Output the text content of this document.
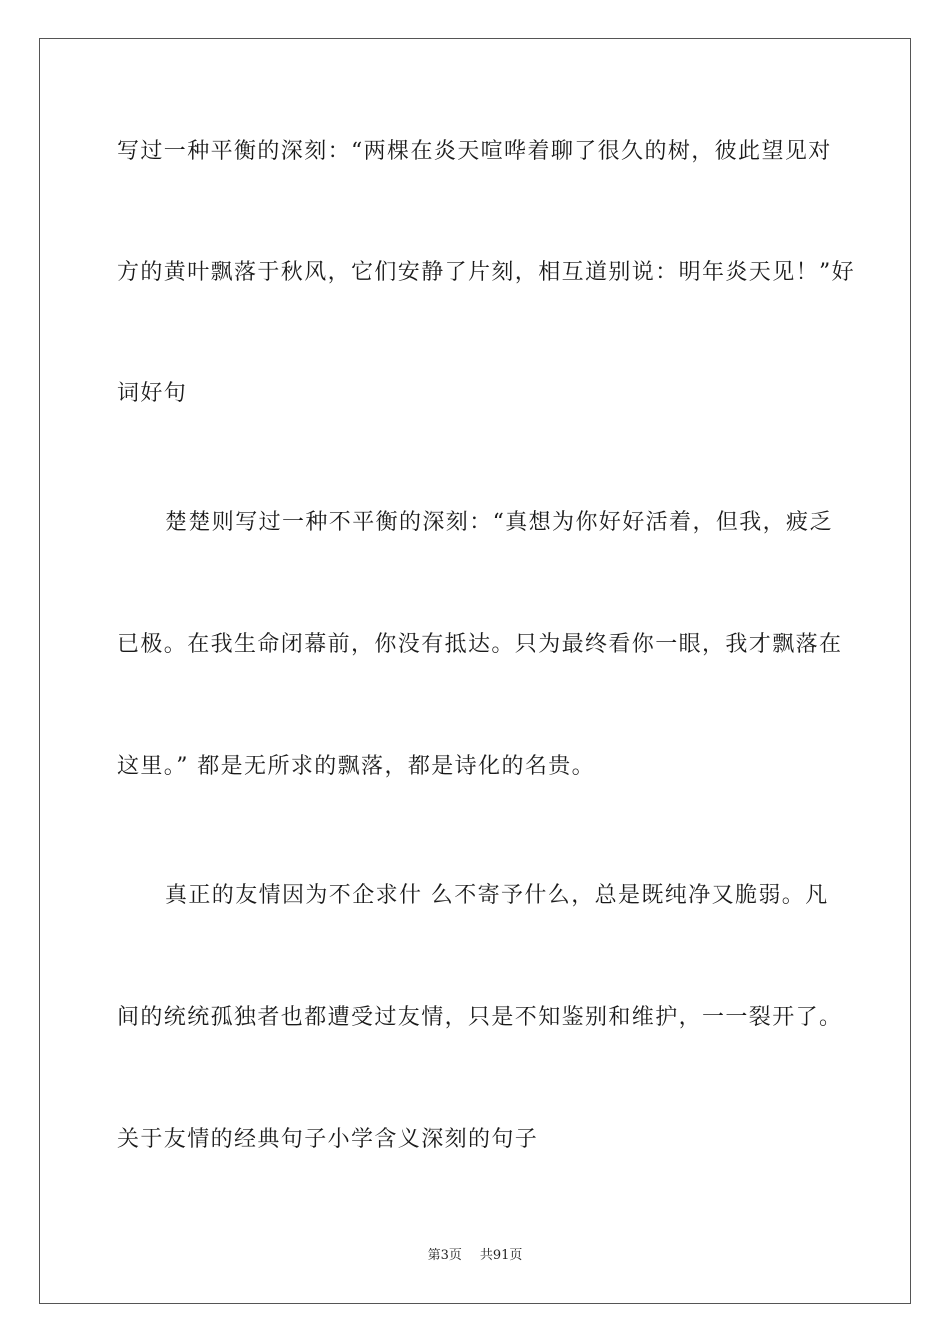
写过一种平衡的深刻：“两棵在炎天喧哗着聊了很久的树，彼此望见对
方的黄叶飘落于秋风，它们安静了片刻，相互道别说：明年炎天见！”好
词好句
楚楚则写过一种不平衡的深刻：“真想为你好好活着，但我，疲乏
已极。在我生命闭幕前，你没有抵达。只为最终看你一眼，我才飘落在
这里。” 都是无所求的飘落，都是诗化的名贵。
真正的友情因为不企求什 么不寄予什么，总是既纯净又脆弱。凡
间的统统孤独者也都遭受过友情，只是不知鉴别和维护，一一裂开了。
关于友情的经典句子小学含义深刻的句子
第3页 共91页
